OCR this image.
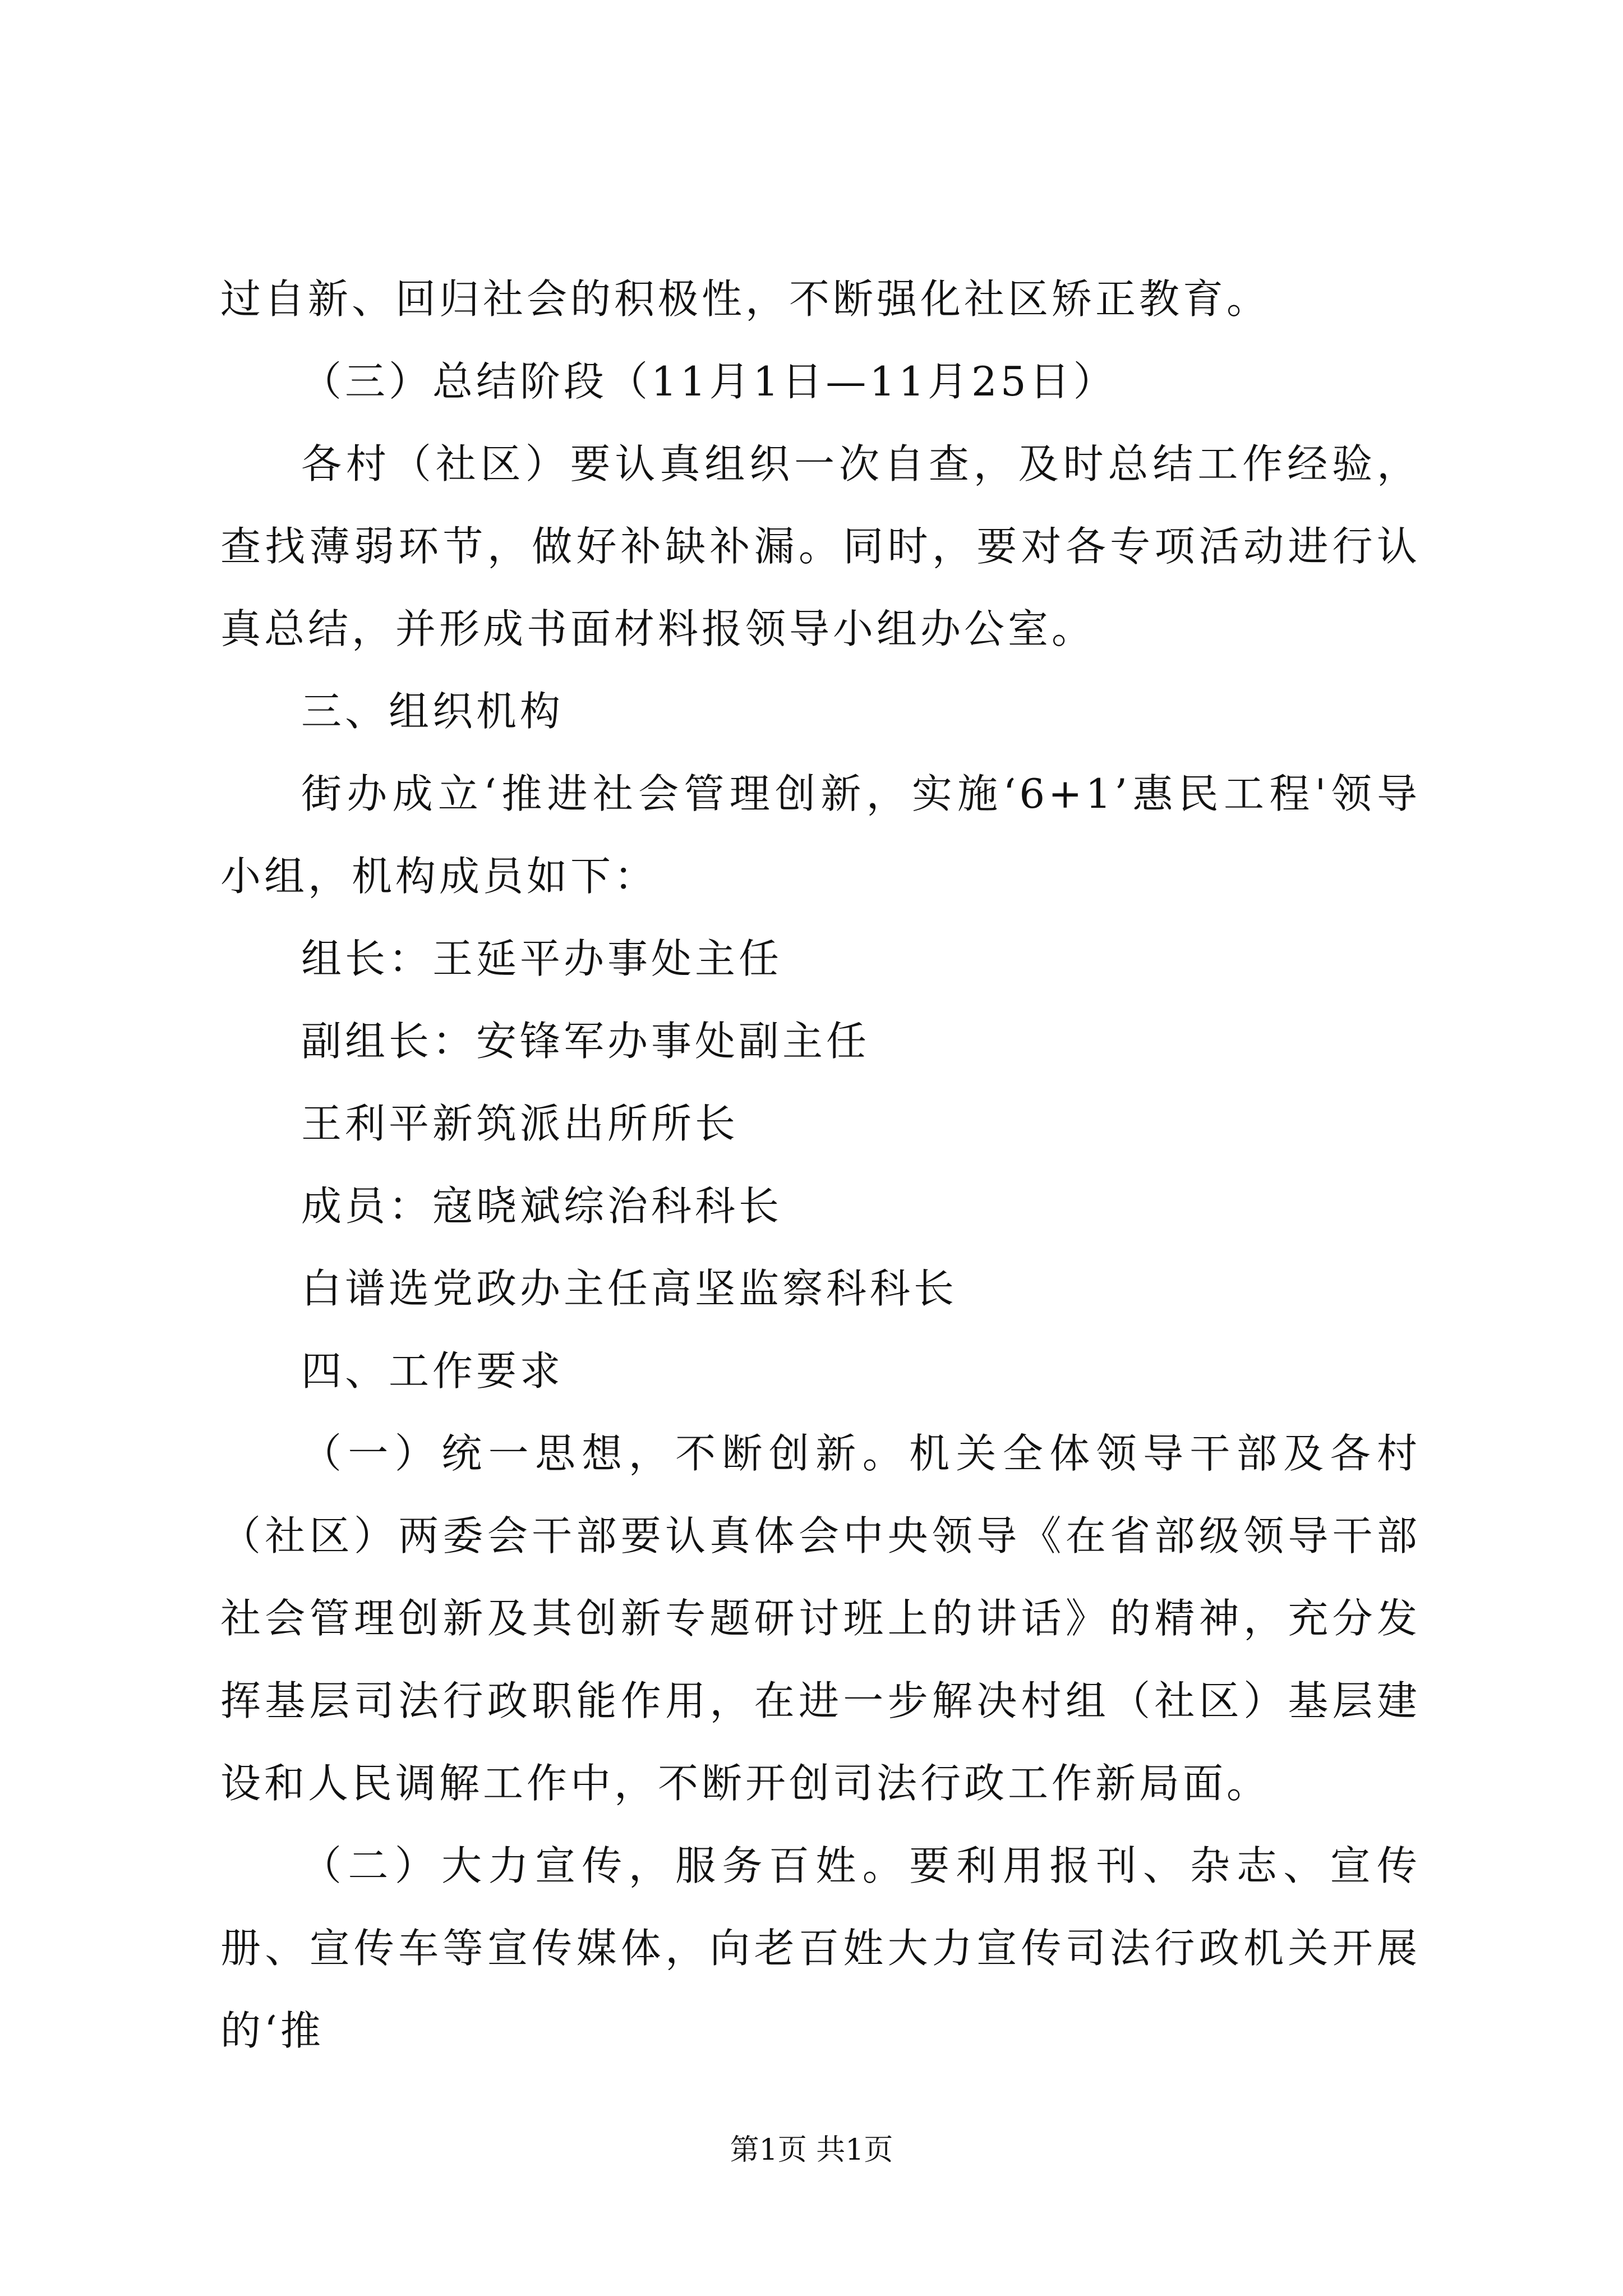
过自新、回归社会的积极性，不断强化社区矫正教育。

（三）总结阶段（11月1日—11月25日）

各村（社区）要认真组织一次自查，及时总结工作经验，查找薄弱环节，做好补缺补漏。同时，要对各专项活动进行认真总结，并形成书面材料报领导小组办公室。

三、组织机构

街办成立‘推进社会管理创新，实施‘6+1’惠民工程'领导小组，机构成员如下：

组长：王延平办事处主任

副组长：安锋军办事处副主任

王利平新筑派出所所长

成员：寇晓斌综治科科长

白谱选党政办主任高坚监察科科长

四、工作要求

（一）统一思想，不断创新。机关全体领导干部及各村（社区）两委会干部要认真体会中央领导《在省部级领导干部社会管理创新及其创新专题研讨班上的讲话》的精神，充分发挥基层司法行政职能作用，在进一步解决村组（社区）基层建设和人民调解工作中，不断开创司法行政工作新局面。

（二）大力宣传，服务百姓。要利用报刊、杂志、宣传册、宣传车等宣传媒体，向老百姓大力宣传司法行政机关开展的‘推

第1页 共1页
